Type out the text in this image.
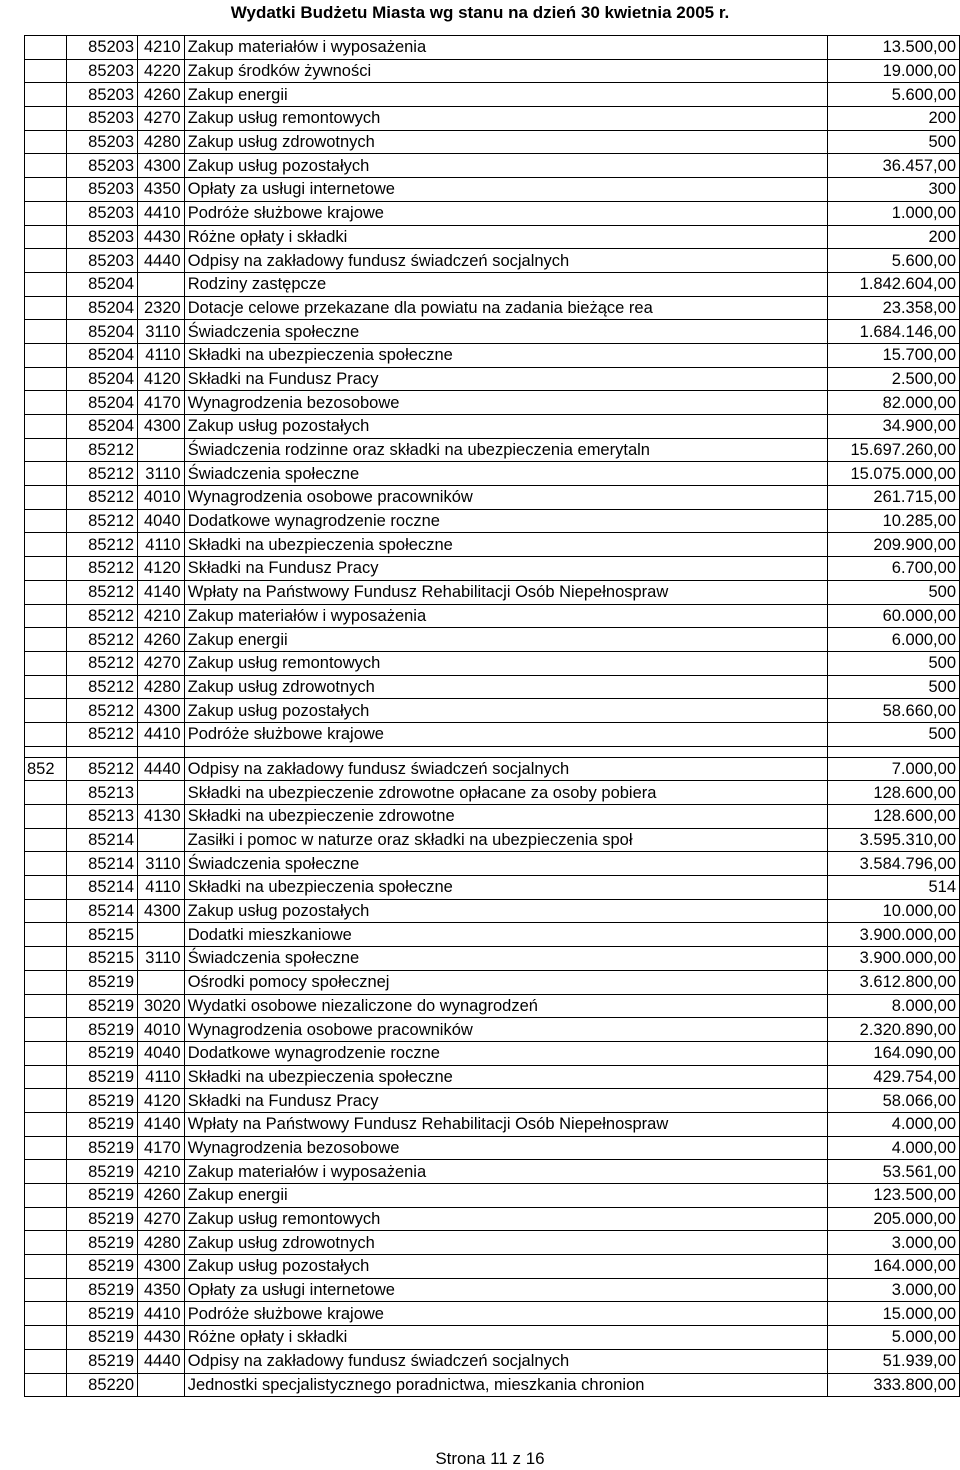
Wydatki Budżetu Miasta wg stanu na dzień 30 kwietnia 2005 r.
	85203	4210	Zakup materiałów i wyposażenia	13.500,00
	85203	4220	Zakup środków żywności	19.000,00
	85203	4260	Zakup energii	5.600,00
	85203	4270	Zakup usług remontowych	200
	85203	4280	Zakup usług zdrowotnych	500
	85203	4300	Zakup usług pozostałych	36.457,00
	85203	4350	Opłaty za usługi internetowe	300
	85203	4410	Podróże służbowe krajowe	1.000,00
	85203	4430	Różne opłaty i składki	200
	85203	4440	Odpisy na zakładowy fundusz świadczeń socjalnych	5.600,00
	85204		Rodziny zastępcze	1.842.604,00
	85204	2320	Dotacje celowe przekazane dla powiatu na zadania bieżące rea	23.358,00
	85204	3110	Świadczenia społeczne	1.684.146,00
	85204	4110	Składki na ubezpieczenia społeczne	15.700,00
	85204	4120	Składki na Fundusz Pracy	2.500,00
	85204	4170	Wynagrodzenia bezosobowe	82.000,00
	85204	4300	Zakup usług pozostałych	34.900,00
	85212		Świadczenia rodzinne oraz składki na ubezpieczenia emerytaln	15.697.260,00
	85212	3110	Świadczenia społeczne	15.075.000,00
	85212	4010	Wynagrodzenia osobowe pracowników	261.715,00
	85212	4040	Dodatkowe wynagrodzenie roczne	10.285,00
	85212	4110	Składki na ubezpieczenia społeczne	209.900,00
	85212	4120	Składki na Fundusz Pracy	6.700,00
	85212	4140	Wpłaty na Państwowy Fundusz Rehabilitacji Osób Niepełnospraw	500
	85212	4210	Zakup materiałów i wyposażenia	60.000,00
	85212	4260	Zakup energii	6.000,00
	85212	4270	Zakup usług remontowych	500
	85212	4280	Zakup usług zdrowotnych	500
	85212	4300	Zakup usług pozostałych	58.660,00
	85212	4410	Podróże służbowe krajowe	500

852	85212	4440	Odpisy na zakładowy fundusz świadczeń socjalnych	7.000,00
	85213		Składki na ubezpieczenie zdrowotne opłacane za osoby pobiera	128.600,00
	85213	4130	Składki na ubezpieczenie zdrowotne	128.600,00
	85214		Zasiłki i pomoc w naturze oraz składki na ubezpieczenia społ	3.595.310,00
	85214	3110	Świadczenia społeczne	3.584.796,00
	85214	4110	Składki na ubezpieczenia społeczne	514
	85214	4300	Zakup usług pozostałych	10.000,00
	85215		Dodatki mieszkaniowe	3.900.000,00
	85215	3110	Świadczenia społeczne	3.900.000,00
	85219		Ośrodki pomocy społecznej	3.612.800,00
	85219	3020	Wydatki osobowe niezaliczone do wynagrodzeń	8.000,00
	85219	4010	Wynagrodzenia osobowe pracowników	2.320.890,00
	85219	4040	Dodatkowe wynagrodzenie roczne	164.090,00
	85219	4110	Składki na ubezpieczenia społeczne	429.754,00
	85219	4120	Składki na Fundusz Pracy	58.066,00
	85219	4140	Wpłaty na Państwowy Fundusz Rehabilitacji Osób Niepełnospraw	4.000,00
	85219	4170	Wynagrodzenia bezosobowe	4.000,00
	85219	4210	Zakup materiałów i wyposażenia	53.561,00
	85219	4260	Zakup energii	123.500,00
	85219	4270	Zakup usług remontowych	205.000,00
	85219	4280	Zakup usług zdrowotnych	3.000,00
	85219	4300	Zakup usług pozostałych	164.000,00
	85219	4350	Opłaty za usługi internetowe	3.000,00
	85219	4410	Podróże służbowe krajowe	15.000,00
	85219	4430	Różne opłaty i składki	5.000,00
	85219	4440	Odpisy na zakładowy fundusz świadczeń socjalnych	51.939,00
	85220		Jednostki specjalistycznego poradnictwa, mieszkania chronion	333.800,00
Strona 11 z 16
